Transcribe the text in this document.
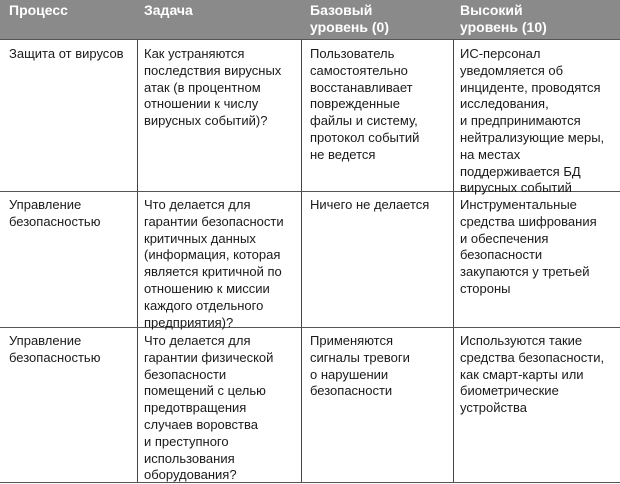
Процесс	Задача	Базовый
уровень (0)
Высокий
уровень (10)
Защита от вирусов Как устраняются
последствия вирусных
атак (в процентном
отношении к числу
вирусных событий)?
Пользователь
самостоятельно
восстанавливает
поврежденные
файлы и систему,
протокол событий
не ведется
ИС-персонал
уведомляется об
инциденте, проводятся
исследования,
и предпринимаются
нейтрализующие меры,
на местах
поддерживается БД
вирусных событий
Управление
безопасностью
Что делается для
гарантии безопасности
критичных данных
(информация, которая
является критичной по
отношению к миссии
каждого отдельного
предприятия)?
Ничего не делается Инструментальные
средства шифрования
и обеспечения
безопасности
закупаются у третьей
стороны
Управление
безопасностью
Что делается для
гарантии физической
безопасности
помещений с целью
предотвращения
случаев воровства
и преступного
использования
оборудования?
Применяются
сигналы тревоги
о нарушении
безопасности
Используются такие
средства безопасности,
как смарт-карты или
биометрические
устройства
